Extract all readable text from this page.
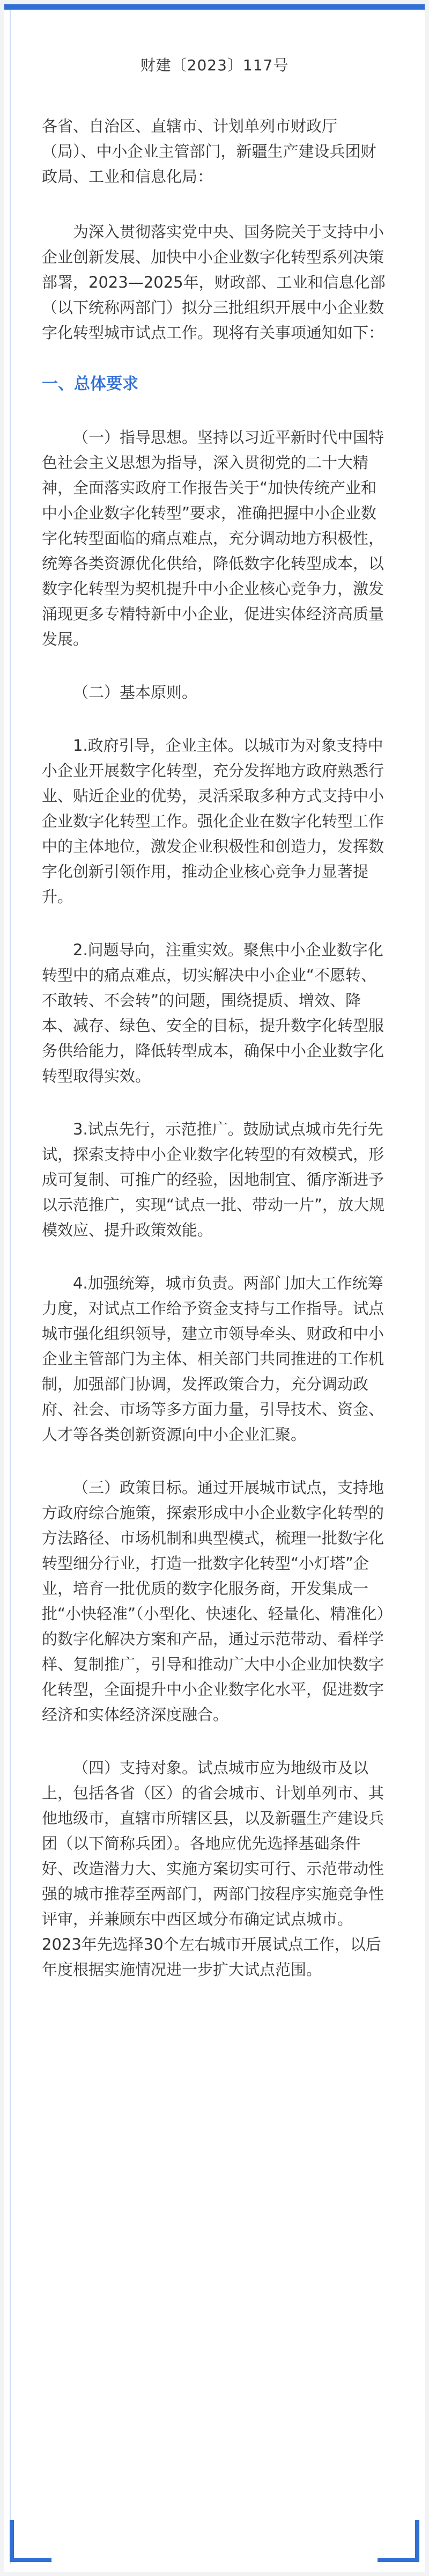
财建〔2023〕117号
各省、自治区、直辖市、计划单列市财政厅（局）、中小企业主管部门，新疆生产建设兵团财政局、工业和信息化局：

为深入贯彻落实党中央、国务院关于支持中小企业创新发展、加快中小企业数字化转型系列决策部署，2023—2025年，财政部、工业和信息化部（以下统称两部门）拟分三批组织开展中小企业数字化转型城市试点工作。现将有关事项通知如下：

一、总体要求

（一）指导思想。坚持以习近平新时代中国特色社会主义思想为指导，深入贯彻党的二十大精神，全面落实政府工作报告关于“加快传统产业和中小企业数字化转型”要求，准确把握中小企业数字化转型面临的痛点难点，充分调动地方积极性，统筹各类资源优化供给，降低数字化转型成本，以数字化转型为契机提升中小企业核心竞争力，激发涌现更多专精特新中小企业，促进实体经济高质量发展。

（二）基本原则。

1.政府引导，企业主体。以城市为对象支持中小企业开展数字化转型，充分发挥地方政府熟悉行业、贴近企业的优势，灵活采取多种方式支持中小企业数字化转型工作。强化企业在数字化转型工作中的主体地位，激发企业积极性和创造力，发挥数字化创新引领作用，推动企业核心竞争力显著提升。

2.问题导向，注重实效。聚焦中小企业数字化转型中的痛点难点，切实解决中小企业“不愿转、不敢转、不会转”的问题，围绕提质、增效、降本、减存、绿色、安全的目标，提升数字化转型服务供给能力，降低转型成本，确保中小企业数字化转型取得实效。

3.试点先行，示范推广。鼓励试点城市先行先试，探索支持中小企业数字化转型的有效模式，形成可复制、可推广的经验，因地制宜、循序渐进予以示范推广，实现“试点一批、带动一片”，放大规模效应、提升政策效能。

4.加强统筹，城市负责。两部门加大工作统筹力度，对试点工作给予资金支持与工作指导。试点城市强化组织领导，建立市领导牵头、财政和中小企业主管部门为主体、相关部门共同推进的工作机制，加强部门协调，发挥政策合力，充分调动政府、社会、市场等多方面力量，引导技术、资金、人才等各类创新资源向中小企业汇聚。

（三）政策目标。通过开展城市试点，支持地方政府综合施策，探索形成中小企业数字化转型的方法路径、市场机制和典型模式，梳理一批数字化转型细分行业，打造一批数字化转型“小灯塔”企业，培育一批优质的数字化服务商，开发集成一批“小快轻准”（小型化、快速化、轻量化、精准化）的数字化解决方案和产品，通过示范带动、看样学样、复制推广，引导和推动广大中小企业加快数字化转型，全面提升中小企业数字化水平，促进数字经济和实体经济深度融合。

（四）支持对象。试点城市应为地级市及以上，包括各省（区）的省会城市、计划单列市、其他地级市，直辖市所辖区县，以及新疆生产建设兵团（以下简称兵团）。各地应优先选择基础条件好、改造潜力大、实施方案切实可行、示范带动性强的城市推荐至两部门，两部门按程序实施竞争性评审，并兼顾东中西区域分布确定试点城市。2023年先选择30个左右城市开展试点工作，以后年度根据实施情况进一步扩大试点范围。
